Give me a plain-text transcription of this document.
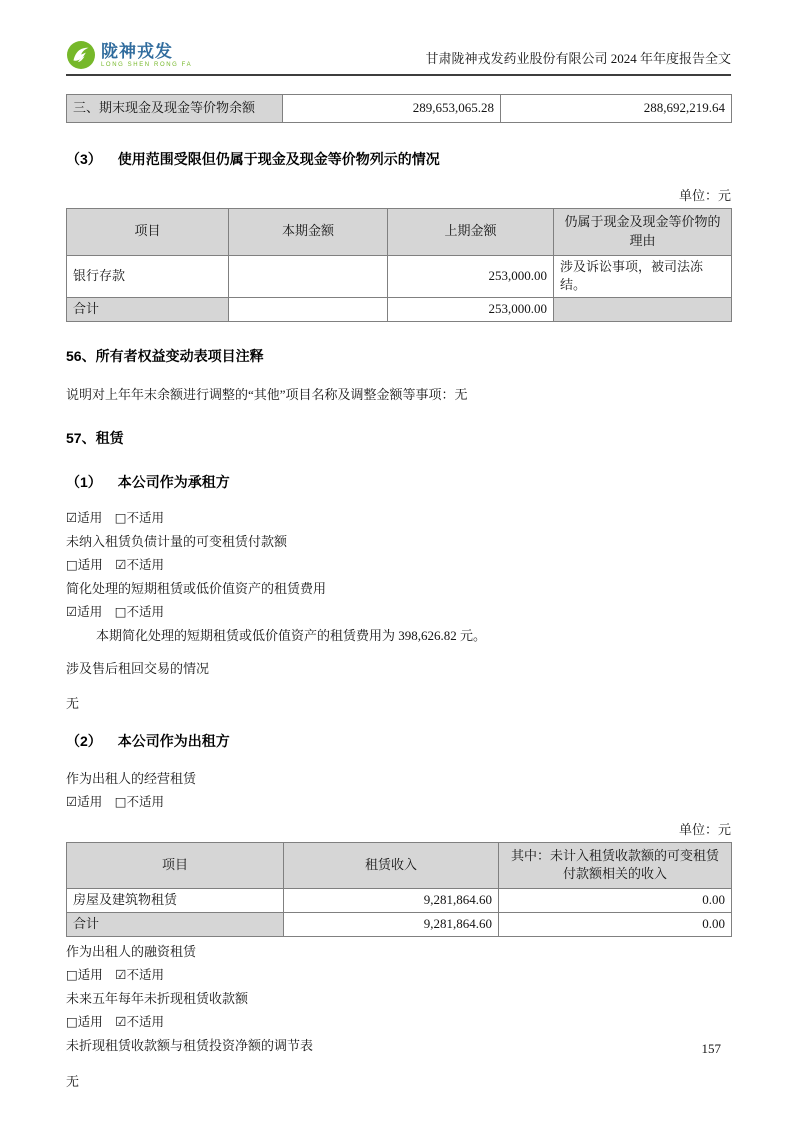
陇神戎发
LONG SHEN RONG FA	甘肃陇神戎发药业股份有限公司 2024 年年度报告全文
三、期末现金及现金等价物余额	289,653,065.28	288,692,219.64
（3） 使用范围受限但仍属于现金及现金等价物列示的情况
单位：元
项目	本期金额	上期金额	仍属于现金及现金等价物的理由
银行存款		253,000.00	涉及诉讼事项，被司法冻结。
合计		253,000.00	
56、所有者权益变动表项目注释

说明对上年年末余额进行调整的“其他”项目名称及调整金额等事项：无

57、租赁
（1） 本公司作为承租方

☑适用　□不适用

未纳入租赁负债计量的可变租赁付款额

□适用　☑不适用

简化处理的短期租赁或低价值资产的租赁费用

☑适用　□不适用

本期简化处理的短期租赁或低价值资产的租赁费用为 398,626.82 元。

涉及售后租回交易的情况

无

（2） 本公司作为出租方

作为出租人的经营租赁

☑适用　□不适用

单位：元
项目	租赁收入	其中：未计入租赁收款额的可变租赁付款额相关的收入
房屋及建筑物租赁	9,281,864.60	0.00
合计	9,281,864.60	0.00

作为出租人的融资租赁

□适用　☑不适用

未来五年每年未折现租赁收款额

□适用　☑不适用

未折现租赁收款额与租赁投资净额的调节表

无

157
